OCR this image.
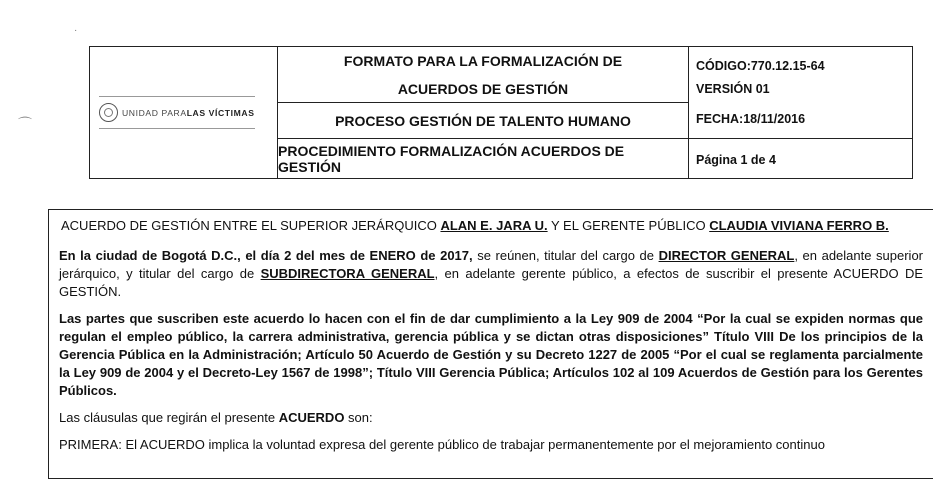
·
⌒
UNIDAD PARA LAS VÍCTIMAS
FORMATO PARA LA FORMALIZACIÓN DE
ACUERDOS DE GESTIÓN
CÓDIGO:770.12.15-64
VERSIÓN 01
PROCESO GESTIÓN DE TALENTO HUMANO	FECHA:18/11/2016
PROCEDIMIENTO FORMALIZACIÓN ACUERDOS DE GESTIÓN	Página 1 de 4

ACUERDO DE GESTIÓN ENTRE EL SUPERIOR JERÁRQUICO ALAN E. JARA U. Y EL GERENTE PÚBLICO CLAUDIA VIVIANA FERRO B.

En la ciudad de Bogotá D.C., el día 2 del mes de ENERO de 2017, se reúnen, titular del cargo de DIRECTOR GENERAL, en adelante superior jerárquico, y titular del cargo de SUBDIRECTORA GENERAL, en adelante gerente público, a efectos de suscribir el presente ACUERDO DE GESTIÓN.

Las partes que suscriben este acuerdo lo hacen con el fin de dar cumplimiento a la Ley 909 de 2004 “Por la cual se expiden normas que regulan el empleo público, la carrera administrativa, gerencia pública y se dictan otras disposiciones” Título VIII De los principios de la Gerencia Pública en la Administración; Artículo 50 Acuerdo de Gestión y su Decreto 1227 de 2005 “Por el cual se reglamenta parcialmente la Ley 909 de 2004 y el Decreto-Ley 1567 de 1998”; Título VIII Gerencia Pública; Artículos 102 al 109 Acuerdos de Gestión para los Gerentes Públicos.

Las cláusulas que regirán el presente ACUERDO son:

PRIMERA: El ACUERDO implica la voluntad expresa del gerente público de trabajar permanentemente por el mejoramiento continuo
